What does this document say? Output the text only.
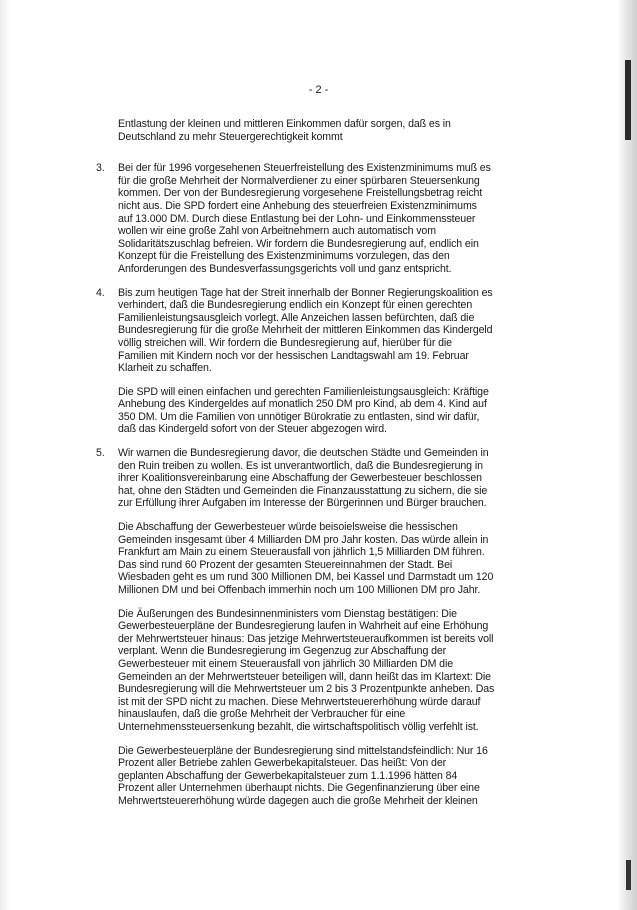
- 2 -

Entlastung der kleinen und mittleren Einkommen dafür sorgen, daß es in
Deutschland zu mehr Steuergerechtigkeit kommt

3. Bei der für 1996 vorgesehenen Steuerfreistellung des Existenzminimums muß es
für die große Mehrheit der Normalverdiener zu einer spürbaren Steuersenkung
kommen. Der von der Bundesregierung vorgesehene Freistellungsbetrag reicht
nicht aus. Die SPD fordert eine Anhebung des steuerfreien Existenzminimums
auf 13.000 DM. Durch diese Entlastung bei der Lohn- und Einkommenssteuer
wollen wir eine große Zahl von Arbeitnehmern auch automatisch vom
Solidaritätszuschlag befreien. Wir fordern die Bundesregierung auf, endlich ein
Konzept für die Freistellung des Existenzminimums vorzulegen, das den
Anforderungen des Bundesverfassungsgerichts voll und ganz entspricht.
4. Bis zum heutigen Tage hat der Streit innerhalb der Bonner Regierungskoalition es
verhindert, daß die Bundesregierung endlich ein Konzept für einen gerechten
Familienleistungsausgleich vorlegt. Alle Anzeichen lassen befürchten, daß die
Bundesregierung für die große Mehrheit der mittleren Einkommen das Kindergeld
völlig streichen will. Wir fordern die Bundesregierung auf, hierüber für die
Familien mit Kindern noch vor der hessischen Landtagswahl am 19. Februar
Klarheit zu schaffen.
Die SPD will einen einfachen und gerechten Familienleistungsausgleich: Kräftige
Anhebung des Kindergeldes auf monatlich 250 DM pro Kind, ab dem 4. Kind auf
350 DM. Um die Familien von unnötiger Bürokratie zu entlasten, sind wir dafür,
daß das Kindergeld sofort von der Steuer abgezogen wird.
5. Wir warnen die Bundesregierung davor, die deutschen Städte und Gemeinden in
den Ruin treiben zu wollen. Es ist unverantwortlich, daß die Bundesregierung in
ihrer Koalitionsvereinbarung eine Abschaffung der Gewerbesteuer beschlossen
hat, ohne den Städten und Gemeinden die Finanzausstattung zu sichern, die sie
zur Erfüllung ihrer Aufgaben im Interesse der Bürgerinnen und Bürger brauchen.
Die Abschaffung der Gewerbesteuer würde beisoielsweise die hessischen
Gemeinden insgesamt über 4 Milliarden DM pro Jahr kosten. Das würde allein in
Frankfurt am Main zu einem Steuerausfall von jährlich 1,5 Milliarden DM führen.
Das sind rund 60 Prozent der gesamten Steuereinnahmen der Stadt. Bei
Wiesbaden geht es um rund 300 Millionen DM, bei Kassel und Darmstadt um 120
Millionen DM und bei Offenbach immerhin noch um 100 Millionen DM pro Jahr.
Die Äußerungen des Bundesinnenministers vom Dienstag bestätigen: Die
Gewerbesteuerpläne der Bundesregierung laufen in Wahrheit auf eine Erhöhung
der Mehrwertsteuer hinaus: Das jetzige Mehrwertsteueraufkommen ist bereits voll
verplant. Wenn die Bundesregierung im Gegenzug zur Abschaffung der
Gewerbesteuer mit einem Steuerausfall von jährlich 30 Milliarden DM die
Gemeinden an der Mehrwertsteuer beteiligen will, dann heißt das im Klartext: Die
Bundesregierung will die Mehrwertsteuer um 2 bis 3 Prozentpunkte anheben. Das
ist mit der SPD nicht zu machen. Diese Mehrwertsteuererhöhung würde darauf
hinauslaufen, daß die große Mehrheit der Verbraucher für eine
Unternehmenssteuersenkung bezahlt, die wirtschaftspolitisch völlig verfehlt ist.
Die Gewerbesteuerpläne der Bundesregierung sind mittelstandsfeindlich: Nur 16
Prozent aller Betriebe zahlen Gewerbekapitalsteuer. Das heißt: Von der
geplanten Abschaffung der Gewerbekapitalsteuer zum 1.1.1996 hätten 84
Prozent aller Unternehmen überhaupt nichts. Die Gegenfinanzierung über eine
Mehrwertsteuererhöhung würde dagegen auch die große Mehrheit der kleinen
